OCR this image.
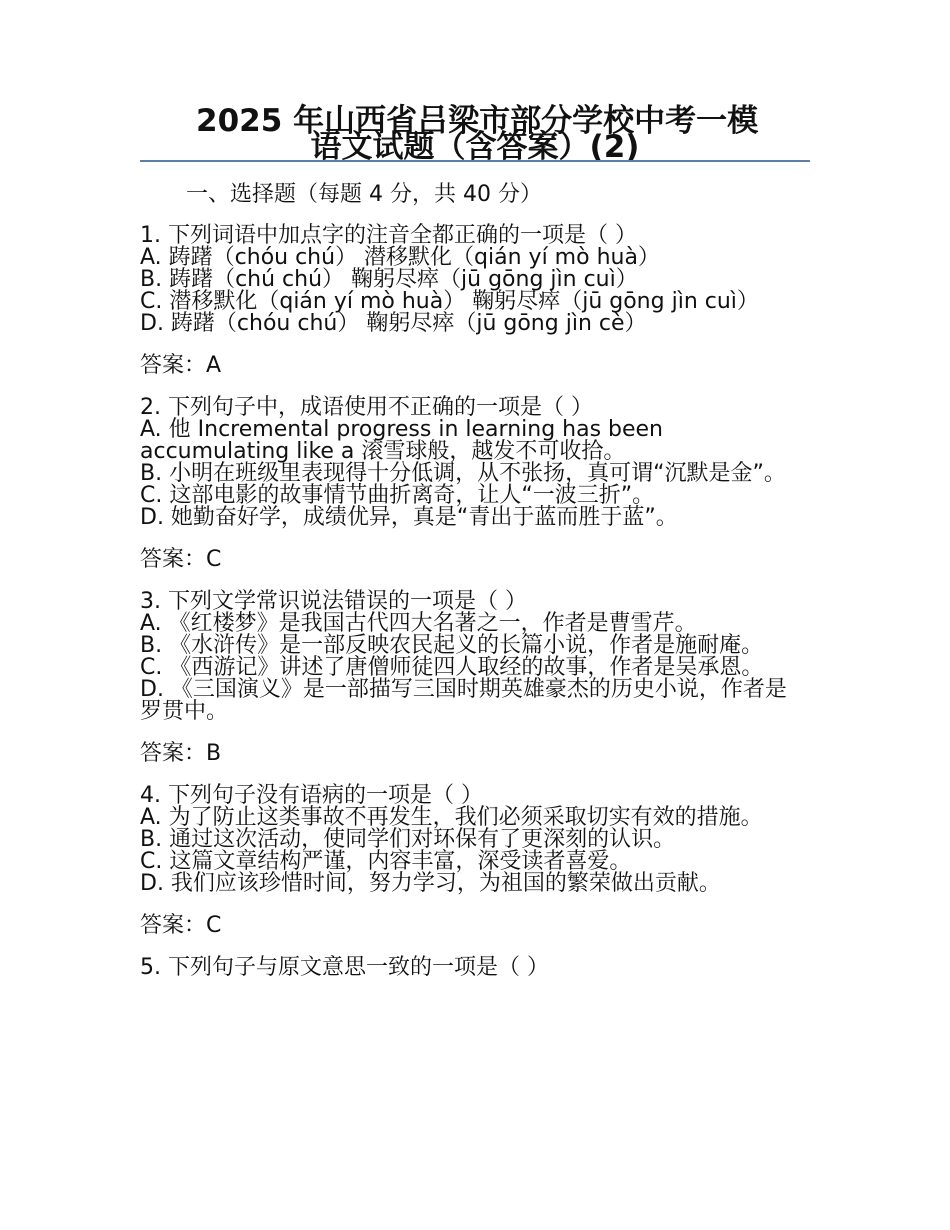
2025 年山西省吕梁市部分学校中考一模
语文试题（含答案）(2)
一、选择题（每题 4 分，共 40 分）

1. 下列词语中加点字的注音全都正确的一项是（ ）

A. 踌躇（chóu chú） 潜移默化（qián yí mò huà）

B. 踌躇（chú chú） 鞠躬尽瘁（jū gōng jìn cuì）

C. 潜移默化（qián yí mò huà） 鞠躬尽瘁（jū gōng jìn cuì）

D. 踌躇（chóu chú） 鞠躬尽瘁（jū gōng jìn cè）

答案：A

2. 下列句子中，成语使用不正确的一项是（ ）

A. 他 Incremental progress in learning has been accumulating like a 滚雪球般，越发不可收拾。

B. 小明在班级里表现得十分低调，从不张扬，真可谓“沉默是金”。

C. 这部电影的故事情节曲折离奇，让人“一波三折”。

D. 她勤奋好学，成绩优异，真是“青出于蓝而胜于蓝”。

答案：C

3. 下列文学常识说法错误的一项是（ ）

A. 《红楼梦》是我国古代四大名著之一，作者是曹雪芹。

B. 《水浒传》是一部反映农民起义的长篇小说，作者是施耐庵。

C. 《西游记》讲述了唐僧师徒四人取经的故事，作者是吴承恩。

D. 《三国演义》是一部描写三国时期英雄豪杰的历史小说，作者是罗贯中。

答案：B

4. 下列句子没有语病的一项是（ ）

A. 为了防止这类事故不再发生，我们必须采取切实有效的措施。

B. 通过这次活动，使同学们对环保有了更深刻的认识。

C. 这篇文章结构严谨，内容丰富，深受读者喜爱。

D. 我们应该珍惜时间，努力学习，为祖国的繁荣做出贡献。

答案：C

5. 下列句子与原文意思一致的一项是（ ）
